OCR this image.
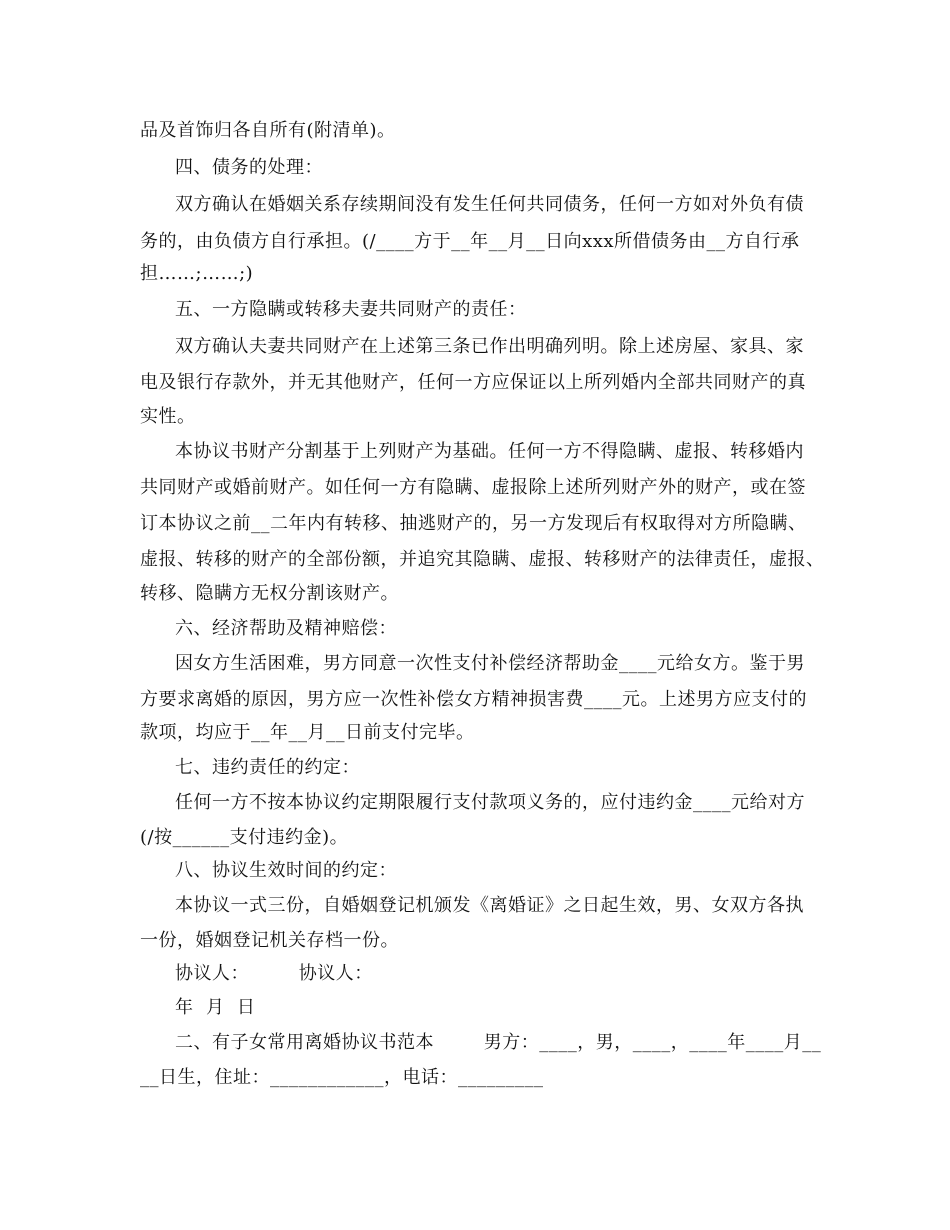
品及首饰归各自所有(附清单)。
四、债务的处理：
双方确认在婚姻关系存续期间没有发生任何共同债务，任何一方如对外负有债
务的，由负债方自行承担。(/____方于__年__月__日向xxx所借债务由__方自行承
担……;……;)
五、一方隐瞒或转移夫妻共同财产的责任：
双方确认夫妻共同财产在上述第三条已作出明确列明。除上述房屋、家具、家
电及银行存款外，并无其他财产，任何一方应保证以上所列婚内全部共同财产的真
实性。
本协议书财产分割基于上列财产为基础。任何一方不得隐瞒、虚报、转移婚内
共同财产或婚前财产。如任何一方有隐瞒、虚报除上述所列财产外的财产，或在签
订本协议之前__二年内有转移、抽逃财产的，另一方发现后有权取得对方所隐瞒、
虚报、转移的财产的全部份额，并追究其隐瞒、虚报、转移财产的法律责任，虚报、
转移、隐瞒方无权分割该财产。
六、经济帮助及精神赔偿：
因女方生活困难，男方同意一次性支付补偿经济帮助金____元给女方。鉴于男
方要求离婚的原因，男方应一次性补偿女方精神损害费____元。上述男方应支付的
款项，均应于__年__月__日前支付完毕。
七、违约责任的约定：
任何一方不按本协议约定期限履行支付款项义务的，应付违约金____元给对方
(/按______支付违约金)。
八、协议生效时间的约定：
本协议一式三份，自婚姻登记机颁发《离婚证》之日起生效，男、女双方各执
一份，婚姻登记机关存档一份。
协议人：        协议人：
年  月  日
二、有子女常用离婚协议书范本        男方：____，男，____，____年____月__
__日生，住址：____________，电话：_________
